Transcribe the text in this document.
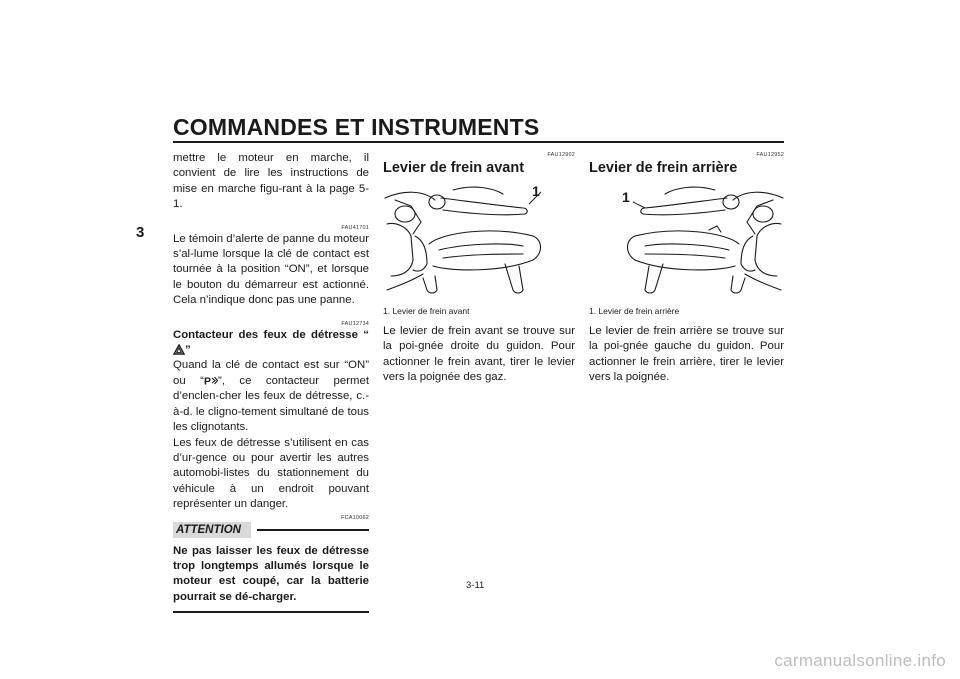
COMMANDES ET INSTRUMENTS
3

mettre le moteur en marche, il convient de lire les instructions de mise en marche figu-rant à la page 5-1.

FAU41701

Le témoin d’alerte de panne du moteur s’al-lume lorsque la clé de contact est tournée à la position “ON”, et lorsque le bouton du démarreur est actionné. Cela n’indique donc pas une panne.

FAU12734

Contacteur des feux de détresse “”

Quand la clé de contact est sur “ON” ou “ P ”, ce contacteur permet d’enclen-cher les feux de détresse, c.-à-d. le cligno-tement simultané de tous les clignotants.

Les feux de détresse s’utilisent en cas d’ur-gence ou pour avertir les autres automobi-listes du stationnement du véhicule à un endroit pouvant représenter un danger.

FCA10062
ATTENTION

Ne pas laisser les feux de détresse trop longtemps allumés lorsque le moteur est coupé, car la batterie pourrait se dé-charger.

FAU12902

Levier de frein avant

1
1. Levier de frein avant

Le levier de frein avant se trouve sur la poi-gnée droite du guidon. Pour actionner le frein avant, tirer le levier vers la poignée des gaz.

FAU12952

Levier de frein arrière

1
1. Levier de frein arrière

Le levier de frein arrière se trouve sur la poi-gnée gauche du guidon. Pour actionner le frein arrière, tirer le levier vers la poignée.

3-11
carmanualsonline.info
